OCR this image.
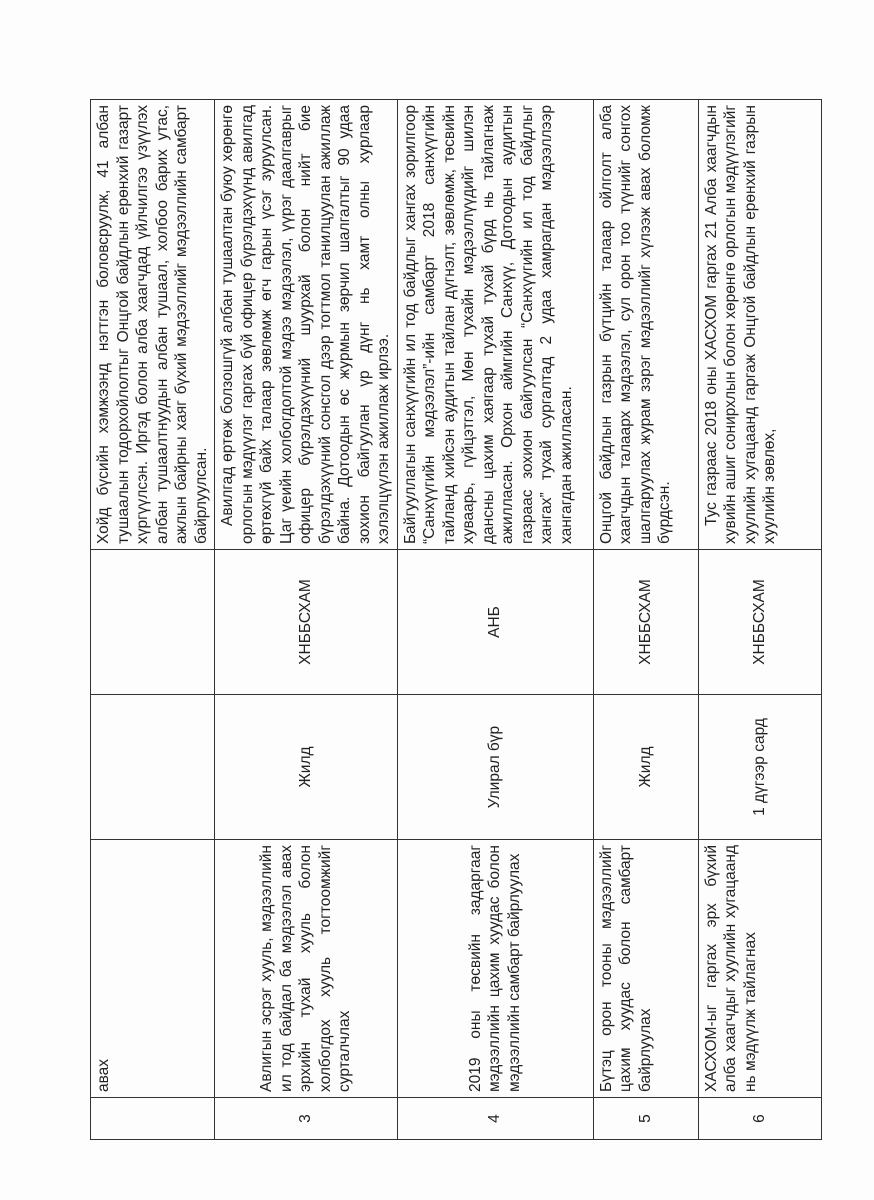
	авах			Хойд бүсийн хэмжээнд нэгтгэн боловсруулж, 41 албан тушаалын тодорхойлолтыг Онцгой байдлын ерөнхий газарт хүргүүлсэн. Иргэд болон алба хаагчдад үйлчилгээ үзүүлэх албан тушаалтнуудын албан тушаал, холбоо барих утас, ажлын байрны хаяг бүхий мэдээллийг мэдээллийн самбарт байрлуулсан.
3	Авлигын эсрэг хууль, мэдээллийн ил тод байдал ба мэдээлэл авах эрхийн тухай хууль болон холбогдох хууль тогтоомжийг сурталчлах	Жилд	ХНББСХАМ	Авилгад өртөж болзошгүй албан тушаалтан буюу хөрөнгө орлогын мэдүүлэг гаргах бүй офицер бүрэлдэхүүнд авилгад өртөхгүй байх талаар зөвлөмж өгч гарын үсэг зуруулсан. Цаг үеийн холбогдолтой мэдээ мэдээлэл, үүрэг даалгаврыг офицер бүрэлдэхүүний шуурхай болон нийт бие бүрэлдэхүүний сонсгол дээр тогтмол танилцуулан ажиллаж байна. Дотоодын өс журмын зөрчил шалгалтыг 90 удаа зохион байгуулан үр дүнг нь хамт олны хурлаар хэлэлцүүлэн ажиллаж ирлээ.
4	2019 оны төсвийн задаргааг мэдээллийн цахим хуудас болон мэдээллийн самбарт байрлуулах	Улирал бүр	АНБ	Байгууллагын санхүүгийн ил тод байдлыг хангах зорилгоор “Санхүүгийн мэдээлэл”-ийн самбарт 2018 санхүүгийн тайланд хийсэн аудитын тайлан дүгнэлт, зөвлөмж, төсвийн хуваарь, гүйцэтгэл, Мөн тухайн мэдээллүүдийг шилэн дансны цахим хаягаар тухай тухай бүрд нь тайлагнаж ажилласан. Орхон аймгийн Санхүү, Дотоодын аудитын газраас зохион байгуулсан “Санхүүгийн ил тод байдлыг хангах” тухай сургалтад 2 удаа хамрагдан мэдээллээр хангагдан ажилласан.
5	Бүтэц орон тооны мэдээллийг цахим хуудас болон самбарт байрлуулах	Жилд	ХНББСХАМ	Онцгой байдлын газрын бүтцийн талаар ойлголт алба хаагчдын талаарх мэдээлэл, сул орон тоо түүнийг сонгох шалгаруулах журам зэрэг мэдээллийг хүлээж авах боломж бүрдсэн.
6	ХАСХОМ-ыг гаргах эрх бүхий алба хаагчдыг хуулийн хугацаанд нь мэдүүлж тайлагнах	1 дүгээр сард	ХНББСХАМ	Тус газраас 2018 оны ХАСХОМ гаргах 21 Алба хаагчдын хувийн ашиг сонирхлын болон хөрөнгө орлогын мэдүүлэгийг хуулийн хугацаанд гаргаж Онцгой байдлын ерөнхий газрын хуулийн зөвлөх,
